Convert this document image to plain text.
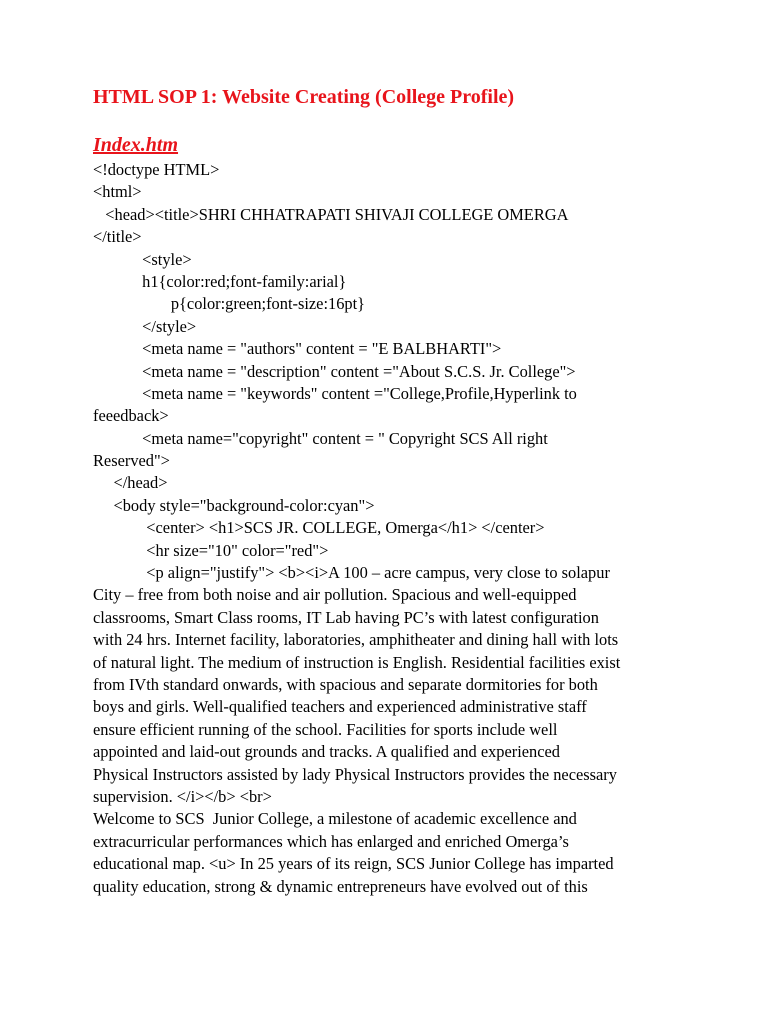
HTML SOP 1: Website Creating (College Profile)
Index.htm
<!doctype HTML>
<html>
<head><title>SHRI CHHATRAPATI SHIVAJI COLLEGE OMERGA
</title>
<style>
h1{color:red;font-family:arial}
p{color:green;font-size:16pt}
</style>
<meta name = "authors" content = "E BALBHARTI">
<meta name = "description" content ="About S.C.S. Jr. College">
<meta name = "keywords" content ="College,Profile,Hyperlink to
feeedback>
<meta name="copyright" content = " Copyright SCS All right
Reserved">
</head>
<body style="background-color:cyan">
<center> <h1>SCS JR. COLLEGE, Omerga</h1> </center>
<hr size="10" color="red">
<p align="justify"> <b><i>A 100 – acre campus, very close to solapur
City – free from both noise and air pollution. Spacious and well-equipped
classrooms, Smart Class rooms, IT Lab having PC’s with latest configuration
with 24 hrs. Internet facility, laboratories, amphitheater and dining hall with lots
of natural light. The medium of instruction is English. Residential facilities exist
from IVth standard onwards, with spacious and separate dormitories for both
boys and girls. Well-qualified teachers and experienced administrative staff
ensure efficient running of the school. Facilities for sports include well
appointed and laid-out grounds and tracks. A qualified and experienced
Physical Instructors assisted by lady Physical Instructors provides the necessary
supervision. </i></b> <br>
Welcome to SCS  Junior College, a milestone of academic excellence and
extracurricular performances which has enlarged and enriched Omerga’s
educational map. <u> In 25 years of its reign, SCS Junior College has imparted
quality education, strong & dynamic entrepreneurs have evolved out of this
